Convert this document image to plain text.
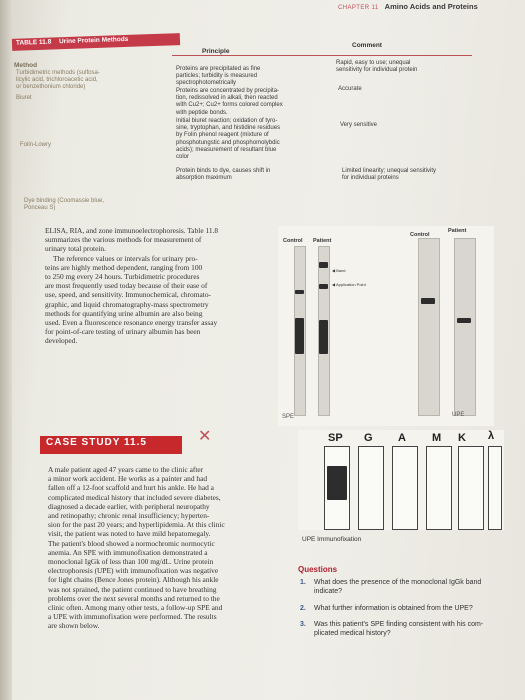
CHAPTER 11 Amino Acids and Proteins
TABLE 11.8 Urine Protein Methods
Principle
Comment
Method
Turbidimetric methods (sulfosa-
licylic acid, trichloroacetic acid,
or benzethonium chloride)
Proteins are precipitated as fine
particles; turbidity is measured
spectrophotometrically
Rapid, easy to use; unequal
sensitivity for individual protein
Biuret
Proteins are concentrated by precipita-
tion, redissolved in alkali, then reacted
with Cu2+; Cu2+ forms colored complex
with peptide bonds.
Accurate
Folin-Lowry
Initial biuret reaction; oxidation of tyro-
sine, tryptophan, and histidine residues
by Folin phenol reagent (mixture of
phosphotungstic and phosphomolybdic
acids); measurement of resultant blue
color
Very sensitive
Dye binding (Coomassie blue,
Ponceau S)
Protein binds to dye, causes shift in
absorption maximum
Limited linearity; unequal sensitivity
for individual proteins

ELISA, RIA, and zone immunoelectrophoresis. Table 11.8

summarizes the various methods for measurement of

urinary total protein.

The reference values or intervals for urinary pro-

teins are highly method dependent, ranging from 100

to 250 mg every 24 hours. Turbidimetric procedures

are most frequently used today because of their ease of

use, speed, and sensitivity. Immunochemical, chromato-

graphic, and liquid chromatography-mass spectrometry

methods for quantifying urine albumin are also being

used. Even a fluorescence resonance energy transfer assay

for point-of-care testing of urinary albumin has been

developed.

Control Patient
Control
Patient
◀ Band
◀ Application Point
SPE	UPE
CASE STUDY 11.5	✕
A male patient aged 47 years came to the clinic after
a minor work accident. He works as a painter and had
fallen off a 12-foot scaffold and hurt his ankle. He had a
complicated medical history that included severe diabetes,
diagnosed a decade earlier, with peripheral neuropathy
and retinopathy; chronic renal insufficiency; hyperten-
sion for the past 20 years; and hyperlipidemia. At this clinic
visit, the patient was noted to have mild hepatomegaly.
The patient's blood showed a normochromic normocytic
anemia. An SPE with immunofixation demonstrated a
monoclonal IgGk of less than 100 mg/dL. Urine protein
electrophoresis (UPE) with immunofixation was negative
for light chains (Bence Jones protein). Although his ankle
was not sprained, the patient continued to have breathing
problems over the next several months and returned to the
clinic often. Among many other tests, a follow-up SPE and
a UPE with immunofixation were performed. The results
are shown below.
SP G A M K λ
UPE Immunofixation
Questions
1. What does the presence of the monoclonal IgGk band
indicate?
2. What further information is obtained from the UPE?
3. Was this patient's SPE finding consistent with his com-
plicated medical history?
